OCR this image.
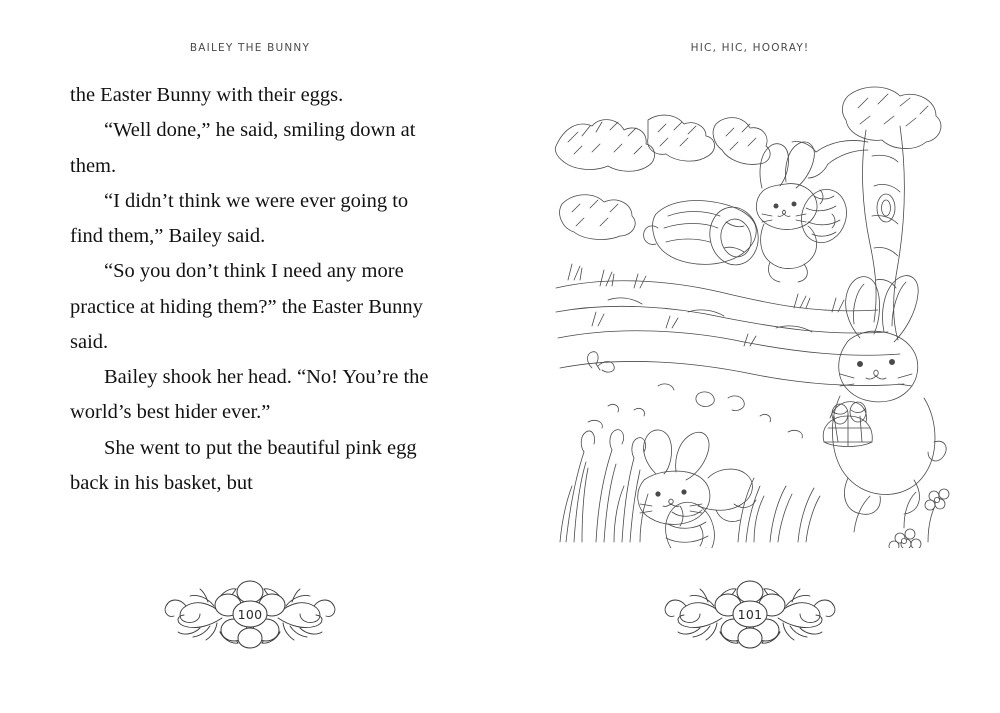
BAILEY THE BUNNY

the Easter Bunny with their eggs.

“Well done,” he said, smiling down at them.

“I didn’t think we were ever going to find them,” Bailey said.

“So you don’t think I need any more practice at hiding them?” the Easter Bunny said.

Bailey shook her head. “No! You’re the world’s best hider ever.”

She went to put the beautiful pink egg back in his basket, but

100
HIC, HIC, HOORAY!
101
